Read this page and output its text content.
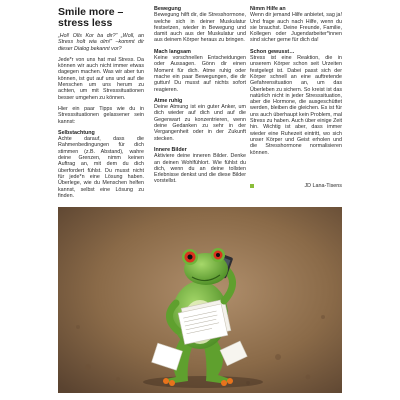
Smile more –
stress less

„Hol! Olls Kor ba dir?“ „Woll, an Stress holt wia olm!“ –kommt dir dieser Dialog bekannt vor?

Jede*r von uns hat mal Stress. Da können wir auch nicht immer etwas dagegen machen. Was wir aber tun können, ist gut auf uns und auf die Menschen um uns herum zu achten, um mit Stresssituationen besser umgehen zu können.

Hier ein paar Tipps wie du in Stresssituationen gelassener sein kannst:

Selbstachtung

Achte darauf, dass die Rahmenbedingungen für dich stimmen (z.B. Abstand), wahre deine Grenzen, nimm keinen Auftrag an, mit dem du dich überfordert fühlst. Du musst nicht für jede*n eine Lösung haben. Überlege, wie du Menschen helfen kannst, selbst eine Lösung zu finden.

Bewegung

Bewegung hilft dir, die Stresshormone, welche sich in deiner Muskulatur festsetzen, wieder in Bewegung und damit auch aus der Muskulatur und aus deinem Körper heraus zu bringen.

Mach langsam

Keine vorschnellen Entscheidungen oder Aussagen. Gönn dir einen Moment für dich. Atme ruhig oder mache ein paar Bewegungen, die dir guttun! Du musst auf nichts sofort reagieren.

Atme ruhig

Deine Atmung ist ein guter Anker, um dich wieder auf dich und auf die Gegenwart zu konzentrieren, wenn deine Gedanken zu sehr in der Vergangenheit oder in der Zukunft stecken.

Innere Bilder

Aktiviere deine inneren Bilder. Denke an deinen Wohlfühlort. Wie fühlst du dich, wenn du an deine tollsten Erlebnisse denkst und die diese Bilder vorstellst.

Nimm Hilfe an

Wenn dir jemand Hilfe anbietet, sag ja! Und frage auch nach Hilfe, wenn du sie brauchst. Deine Freunde, Familie, Kollegen oder Jugendarbeiter*innen sind sicher gerne für dich da!

Schon gewusst…

Stress ist eine Reaktion, die in unserem Körper schon seit Urzeiten festgelegt ist. Dabei passt sich der Körper schnell an eine auftretende Gefahrensituation an, um das Überleben zu sichern. So kreist ist das natürlich nicht in jeder Stresssituation, aber die Hormone, die ausgeschüttet werden, bleiben die gleichen. Es ist für uns auch überhaupt kein Problem, mal Stress zu haben. Auch über einige Zeit hin. Wichtig ist aber, dass immer wieder eine Ruhezeit eintritt, wo sich unser Körper und Geist erholen und die Stresshormone normalisieren können.

JD Lana-Tisens
